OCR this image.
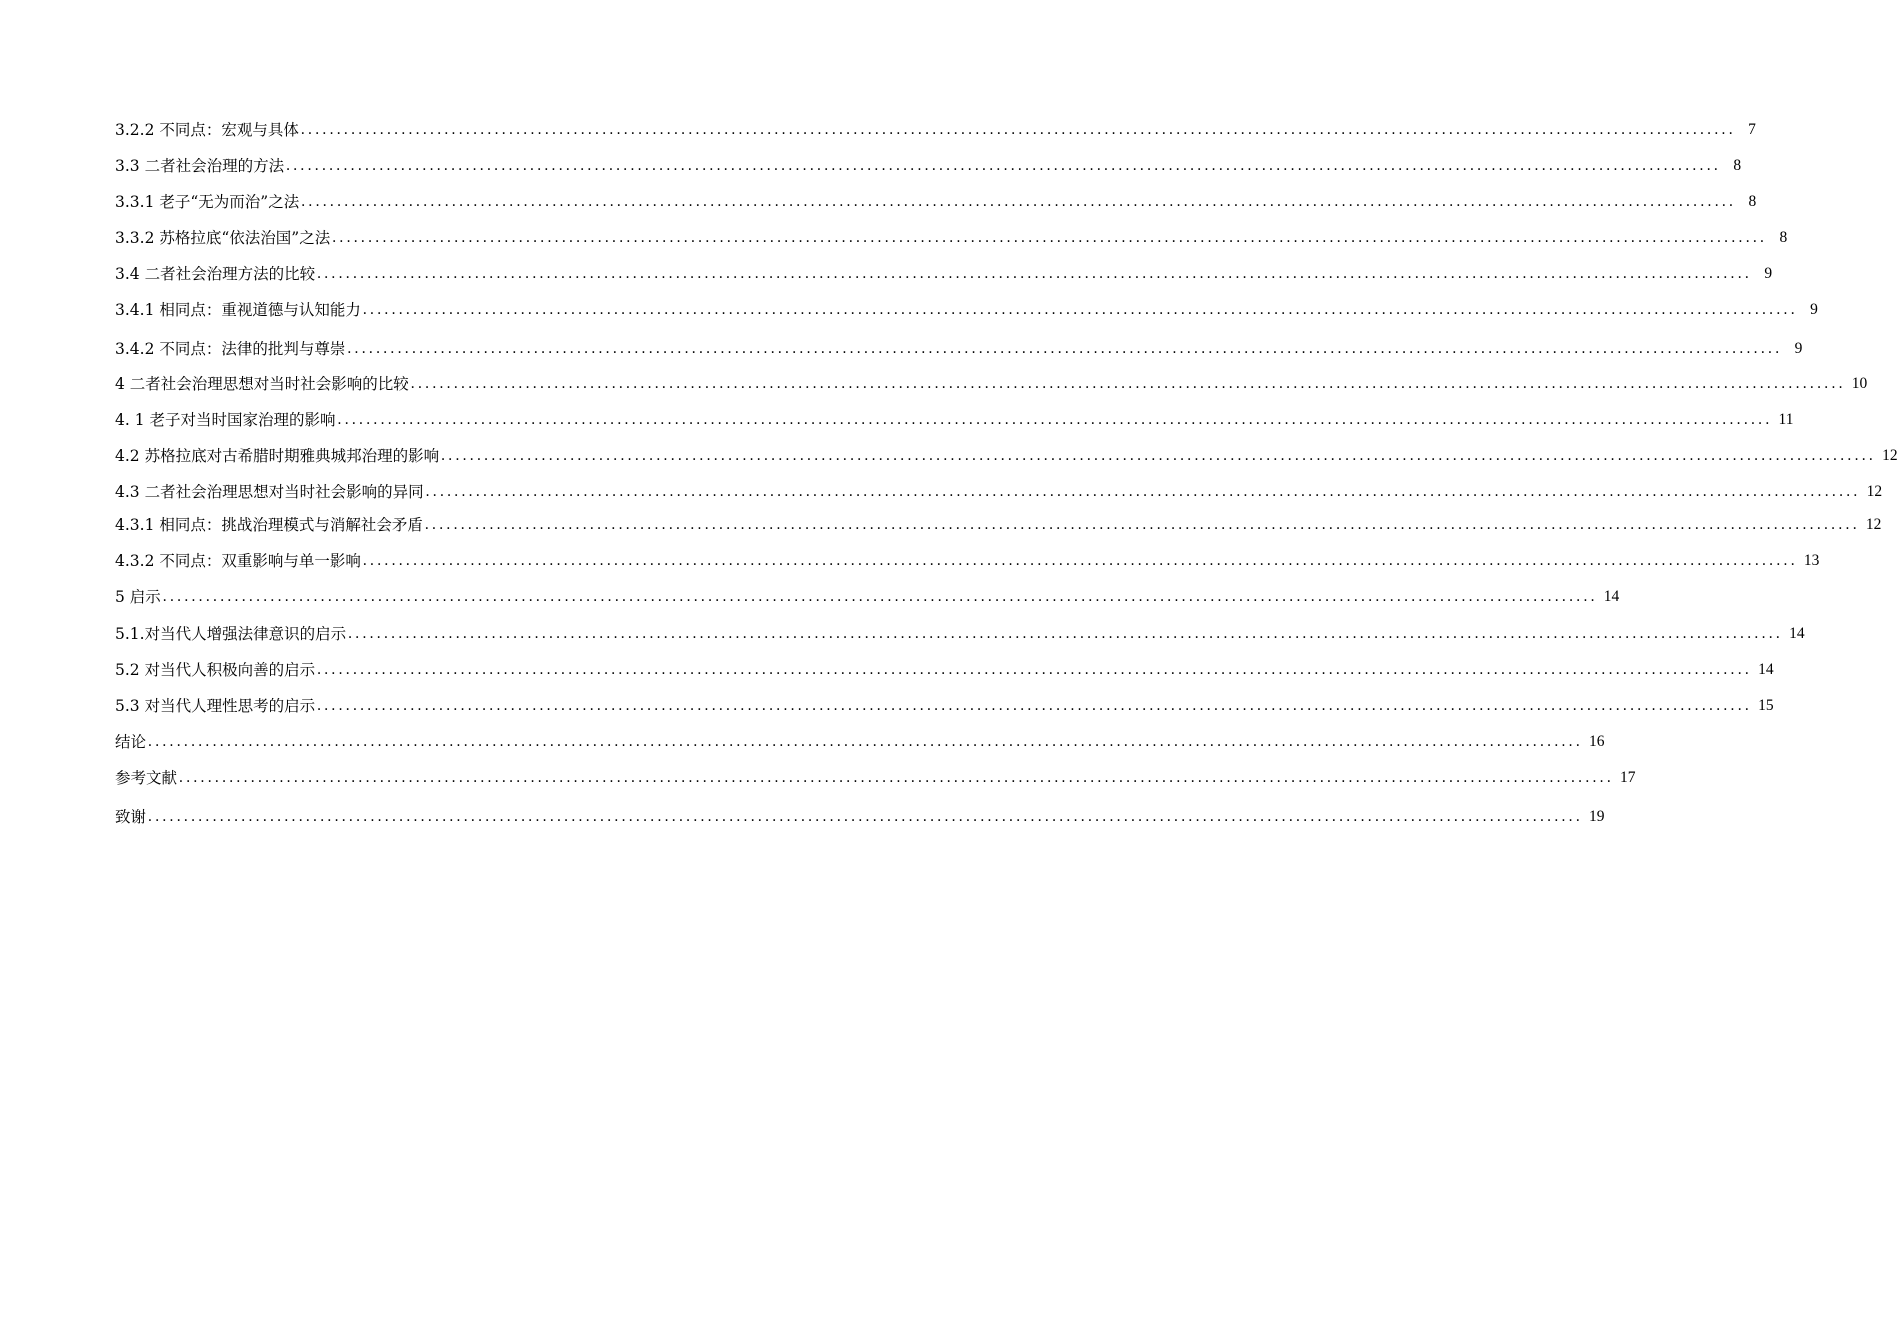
3.2.2 不同点：宏观与具体 ........................................................................................................................................................................................................ 7
3.3 二者社会治理的方法 ........................................................................................................................................................................................................ 8
3.3.1 老子“无为而治”之法 ........................................................................................................................................................................................................ 8
3.3.2 苏格拉底“依法治国”之法 ........................................................................................................................................................................................................ 8
3.4 二者社会治理方法的比较 ........................................................................................................................................................................................................ 9
3.4.1 相同点：重视道德与认知能力 ........................................................................................................................................................................................................ 9
3.4.2 不同点：法律的批判与尊崇 ........................................................................................................................................................................................................ 9
4 二者社会治理思想对当时社会影响的比较 ........................................................................................................................................................................................................ 10
4. 1 老子对当时国家治理的影响 ........................................................................................................................................................................................................ 11
4.2 苏格拉底对古希腊时期雅典城邦治理的影响 ........................................................................................................................................................................................................ 12
4.3 二者社会治理思想对当时社会影响的异同 ........................................................................................................................................................................................................ 12
4.3.1 相同点：挑战治理模式与消解社会矛盾 ........................................................................................................................................................................................................ 12
4.3.2 不同点：双重影响与单一影响 ........................................................................................................................................................................................................ 13
5 启示 ........................................................................................................................................................................................................ 14
5.1.对当代人增强法律意识的启示 ........................................................................................................................................................................................................ 14
5.2 对当代人积极向善的启示 ........................................................................................................................................................................................................ 14
5.3 对当代人理性思考的启示 ........................................................................................................................................................................................................ 15
结论 ........................................................................................................................................................................................................ 16
参考文献 ........................................................................................................................................................................................................ 17
致谢 ........................................................................................................................................................................................................ 19
